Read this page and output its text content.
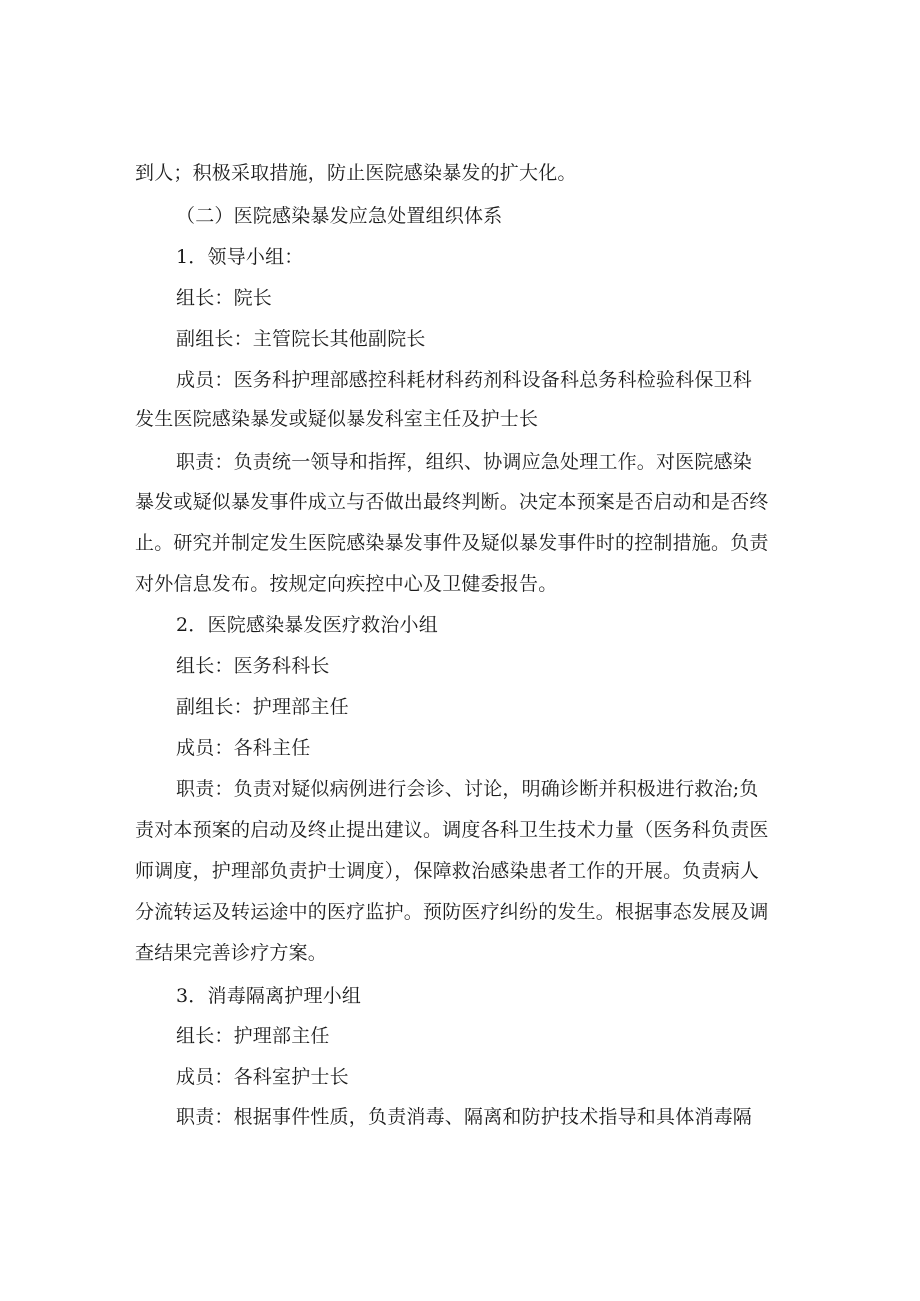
到人；积极采取措施，防止医院感染暴发的扩大化。
（二）医院感染暴发应急处置组织体系
1．领导小组：
组长：院长
副组长：主管院长其他副院长
成员：医务科护理部感控科耗材科药剂科设备科总务科检验科保卫科
发生医院感染暴发或疑似暴发科室主任及护士长
职责：负责统一领导和指挥，组织、协调应急处理工作。对医院感染
暴发或疑似暴发事件成立与否做出最终判断。决定本预案是否启动和是否终
止。研究并制定发生医院感染暴发事件及疑似暴发事件时的控制措施。负责
对外信息发布。按规定向疾控中心及卫健委报告。
2．医院感染暴发医疗救治小组
组长：医务科科长
副组长：护理部主任
成员：各科主任
职责：负责对疑似病例进行会诊、讨论，明确诊断并积极进行救治;负
责对本预案的启动及终止提出建议。调度各科卫生技术力量（医务科负责医
师调度，护理部负责护士调度），保障救治感染患者工作的开展。负责病人
分流转运及转运途中的医疗监护。预防医疗纠纷的发生。根据事态发展及调
查结果完善诊疗方案。
3．消毒隔离护理小组
组长：护理部主任
成员：各科室护士长
职责：根据事件性质，负责消毒、隔离和防护技术指导和具体消毒隔
